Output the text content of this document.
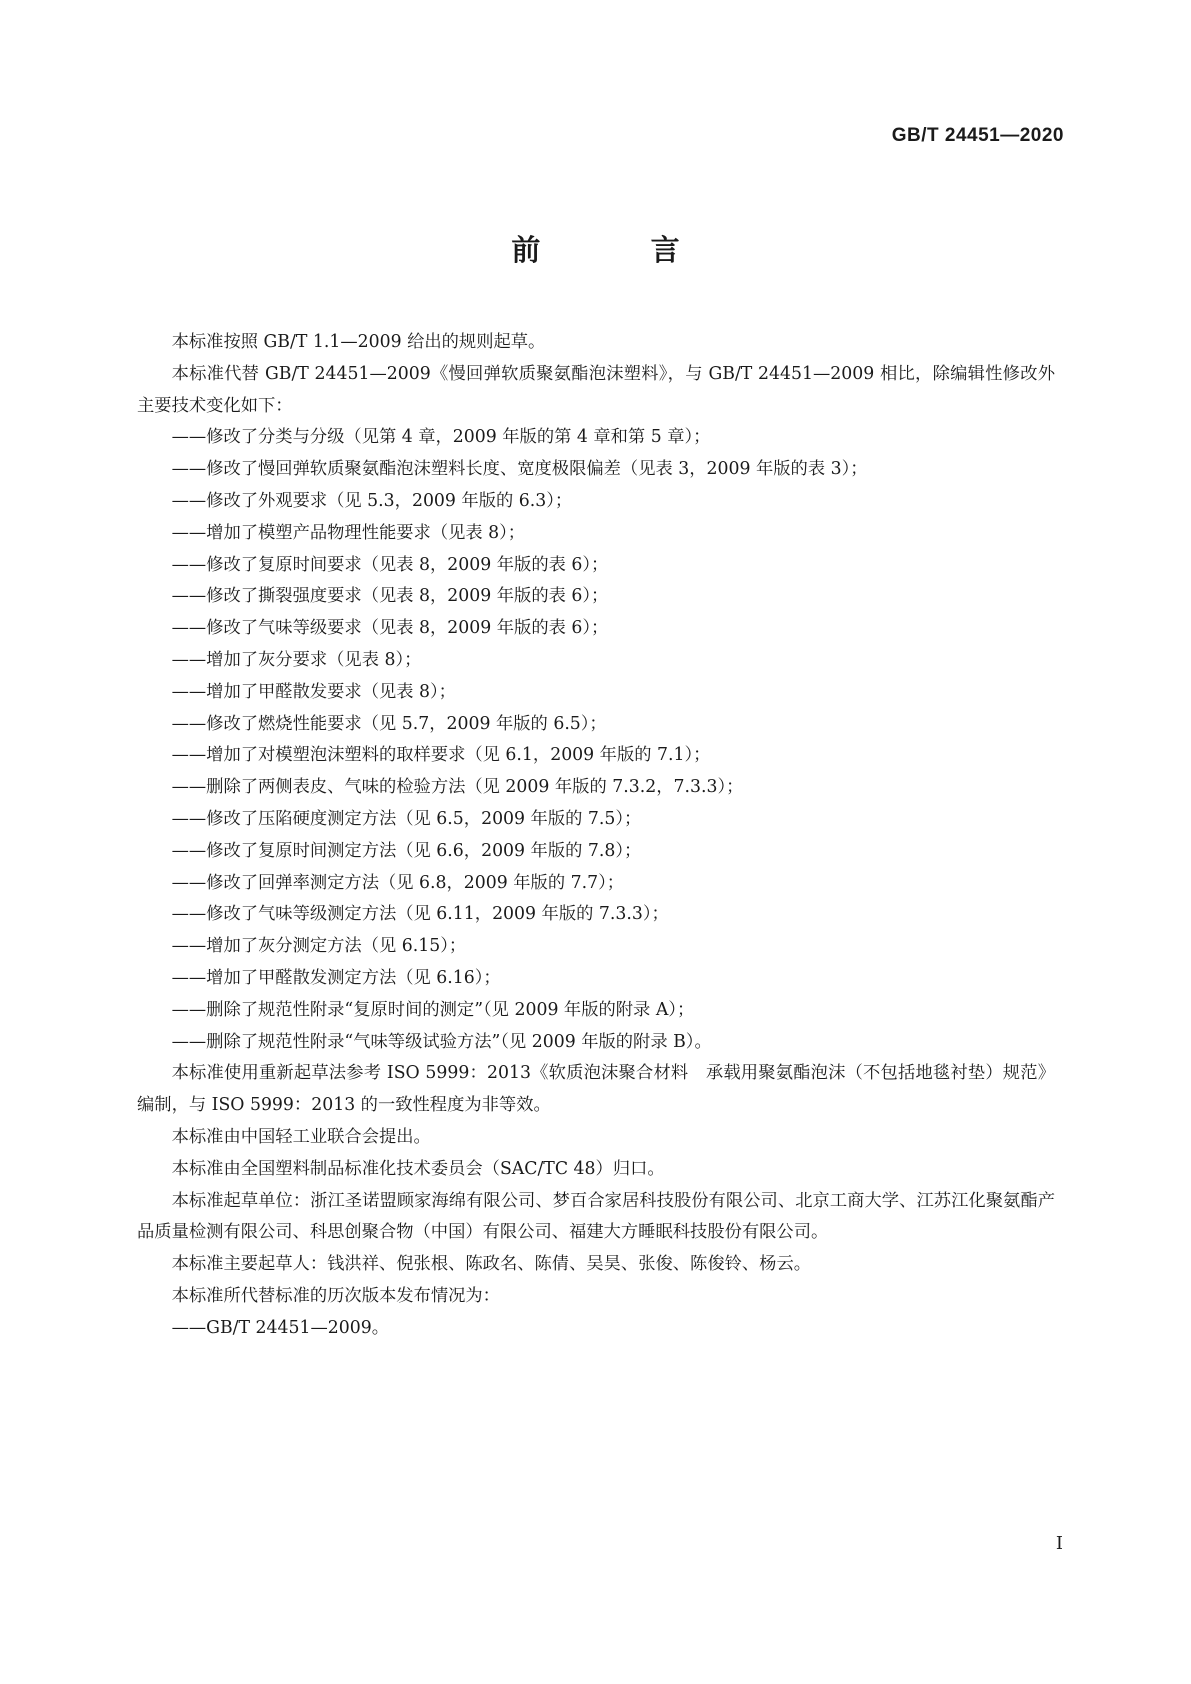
GB/T 24451—2020
前　言

本标准按照 GB/T 1.1—2009 给出的规则起草。

本标准代替 GB/T 24451—2009《慢回弹软质聚氨酯泡沫塑料》，与 GB/T 24451—2009 相比，除编辑性修改外主要技术变化如下：

——修改了分类与分级（见第 4 章，2009 年版的第 4 章和第 5 章）；

——修改了慢回弹软质聚氨酯泡沫塑料长度、宽度极限偏差（见表 3，2009 年版的表 3）；

——修改了外观要求（见 5.3，2009 年版的 6.3）；

——增加了模塑产品物理性能要求（见表 8）；

——修改了复原时间要求（见表 8，2009 年版的表 6）；

——修改了撕裂强度要求（见表 8，2009 年版的表 6）；

——修改了气味等级要求（见表 8，2009 年版的表 6）；

——增加了灰分要求（见表 8）；

——增加了甲醛散发要求（见表 8）；

——修改了燃烧性能要求（见 5.7，2009 年版的 6.5）；

——增加了对模塑泡沫塑料的取样要求（见 6.1，2009 年版的 7.1）；

——删除了两侧表皮、气味的检验方法（见 2009 年版的 7.3.2，7.3.3）；

——修改了压陷硬度测定方法（见 6.5，2009 年版的 7.5）；

——修改了复原时间测定方法（见 6.6，2009 年版的 7.8）；

——修改了回弹率测定方法（见 6.8，2009 年版的 7.7）；

——修改了气味等级测定方法（见 6.11，2009 年版的 7.3.3）；

——增加了灰分测定方法（见 6.15）；

——增加了甲醛散发测定方法（见 6.16）；

——删除了规范性附录“复原时间的测定”（见 2009 年版的附录 A）；

——删除了规范性附录“气味等级试验方法”（见 2009 年版的附录 B）。

本标准使用重新起草法参考 ISO 5999：2013《软质泡沫聚合材料　承载用聚氨酯泡沫（不包括地毯衬垫）规范》编制，与 ISO 5999：2013 的一致性程度为非等效。

本标准由中国轻工业联合会提出。

本标准由全国塑料制品标准化技术委员会（SAC/TC 48）归口。

本标准起草单位：浙江圣诺盟顾家海绵有限公司、梦百合家居科技股份有限公司、北京工商大学、江苏江化聚氨酯产品质量检测有限公司、科思创聚合物（中国）有限公司、福建大方睡眠科技股份有限公司。

本标准主要起草人：钱洪祥、倪张根、陈政名、陈倩、吴昊、张俊、陈俊铃、杨云。

本标准所代替标准的历次版本发布情况为：

——GB/T 24451—2009。

I
